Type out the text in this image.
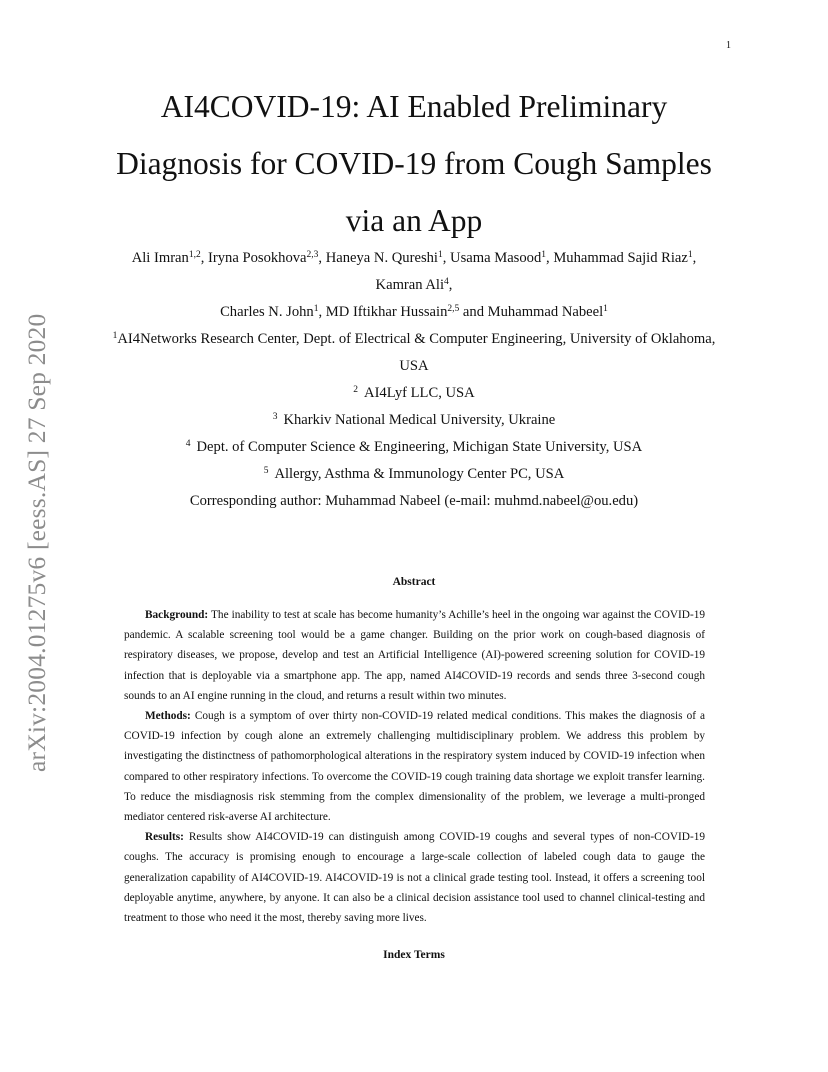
1
arXiv:2004.01275v6 [eess.AS] 27 Sep 2020
AI4COVID-19: AI Enabled Preliminary
Diagnosis for COVID-19 from Cough Samples
via an App
Ali Imran$^{1,2}$, Iryna Posokhova$^{2,3}$, Haneya N. Qureshi$^1$, Usama Masood$^1$, Muhammad Sajid Riaz$^1$,
Kamran Ali$^4$,
Charles N. John$^1$, MD Iftikhar Hussain$^{2,5}$ and Muhammad Nabeel$^1$
$^1$AI4Networks Research Center, Dept. of Electrical & Computer Engineering, University of Oklahoma,
USA
$^2$ AI4Lyf LLC, USA
$^3$ Kharkiv National Medical University, Ukraine
$^4$ Dept. of Computer Science & Engineering, Michigan State University, USA
$^5$ Allergy, Asthma & Immunology Center PC, USA
Corresponding author: Muhammad Nabeel (e-mail: muhmd.nabeel@ou.edu)
Abstract

Background: The inability to test at scale has become humanity’s Achille’s heel in the ongoing war against the COVID-19 pandemic. A scalable screening tool would be a game changer. Building on the prior work on cough-based diagnosis of respiratory diseases, we propose, develop and test an Artificial Intelligence (AI)-powered screening solution for COVID-19 infection that is deployable via a smartphone app. The app, named AI4COVID-19 records and sends three 3-second cough sounds to an AI engine running in the cloud, and returns a result within two minutes.

Methods: Cough is a symptom of over thirty non-COVID-19 related medical conditions. This makes the diagnosis of a COVID-19 infection by cough alone an extremely challenging multidisciplinary problem. We address this problem by investigating the distinctness of pathomorphological alterations in the respiratory system induced by COVID-19 infection when compared to other respiratory infections. To overcome the COVID-19 cough training data shortage we exploit transfer learning. To reduce the misdiagnosis risk stemming from the complex dimensionality of the problem, we leverage a multi-pronged mediator centered risk-averse AI architecture.

Results: Results show AI4COVID-19 can distinguish among COVID-19 coughs and several types of non-COVID-19 coughs. The accuracy is promising enough to encourage a large-scale collection of labeled cough data to gauge the generalization capability of AI4COVID-19. AI4COVID-19 is not a clinical grade testing tool. Instead, it offers a screening tool deployable anytime, anywhere, by anyone. It can also be a clinical decision assistance tool used to channel clinical-testing and treatment to those who need it the most, thereby saving more lives.

Index Terms
